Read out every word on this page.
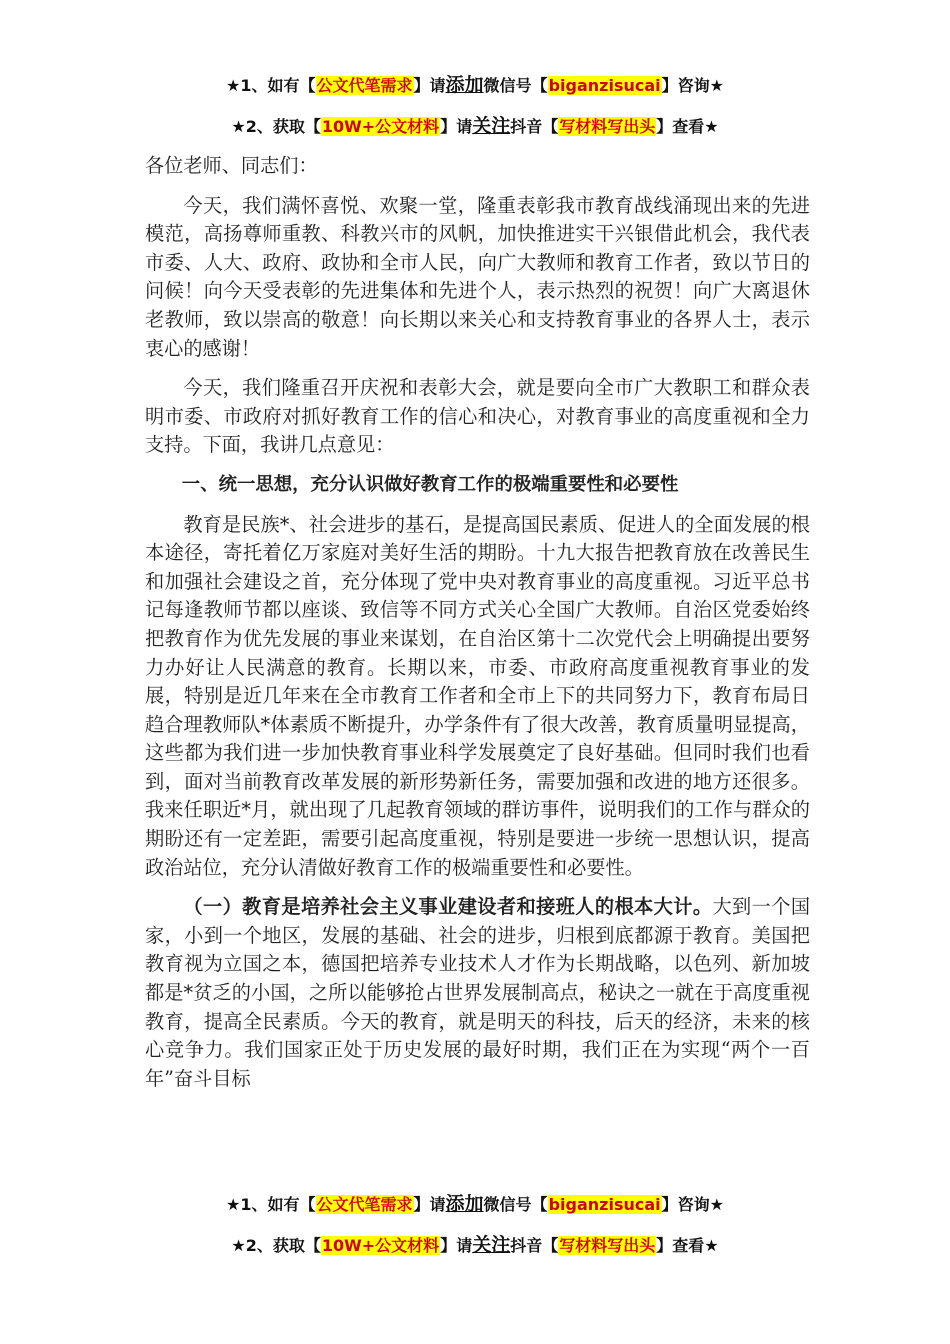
★1、如有【公文代笔需求】请添加微信号【biganzisucai】咨询★
★2、获取【10W+公文材料】请关注抖音【写材料写出头】查看★

各位老师、同志们：

今天，我们满怀喜悦、欢聚一堂，隆重表彰我市教育战线涌现出来的先进模范，高扬尊师重教、科教兴市的风帆，加快推进实干兴银借此机会，我代表市委、人大、政府、政协和全市人民，向广大教师和教育工作者，致以节日的问候！向今天受表彰的先进集体和先进个人，表示热烈的祝贺！向广大离退休老教师，致以崇高的敬意！向长期以来关心和支持教育事业的各界人士，表示衷心的感谢！

今天，我们隆重召开庆祝和表彰大会，就是要向全市广大教职工和群众表明市委、市政府对抓好教育工作的信心和决心，对教育事业的高度重视和全力支持。下面，我讲几点意见：

一、统一思想，充分认识做好教育工作的极端重要性和必要性

教育是民族*、社会进步的基石，是提高国民素质、促进人的全面发展的根本途径，寄托着亿万家庭对美好生活的期盼。十九大报告把教育放在改善民生和加强社会建设之首，充分体现了党中央对教育事业的高度重视。习近平总书记每逢教师节都以座谈、致信等不同方式关心全国广大教师。自治区党委始终把教育作为优先发展的事业来谋划，在自治区第十二次党代会上明确提出要努力办好让人民满意的教育。长期以来，市委、市政府高度重视教育事业的发展，特别是近几年来在全市教育工作者和全市上下的共同努力下，教育布局日趋合理教师队*体素质不断提升，办学条件有了很大改善，教育质量明显提高，这些都为我们进一步加快教育事业科学发展奠定了良好基础。但同时我们也看到，面对当前教育改革发展的新形势新任务，需要加强和改进的地方还很多。我来任职近*月，就出现了几起教育领域的群访事件，说明我们的工作与群众的期盼还有一定差距，需要引起高度重视，特别是要进一步统一思想认识，提高政治站位，充分认清做好教育工作的极端重要性和必要性。

（一）教育是培养社会主义事业建设者和接班人的根本大计。大到一个国家，小到一个地区，发展的基础、社会的进步，归根到底都源于教育。美国把教育视为立国之本，德国把培养专业技术人才作为长期战略，以色列、新加坡都是*贫乏的小国，之所以能够抢占世界发展制高点，秘诀之一就在于高度重视教育，提高全民素质。今天的教育，就是明天的科技，后天的经济，未来的核心竞争力。我们国家正处于历史发展的最好时期，我们正在为实现“两个一百年”奋斗目标

★1、如有【公文代笔需求】请添加微信号【biganzisucai】咨询★
★2、获取【10W+公文材料】请关注抖音【写材料写出头】查看★
